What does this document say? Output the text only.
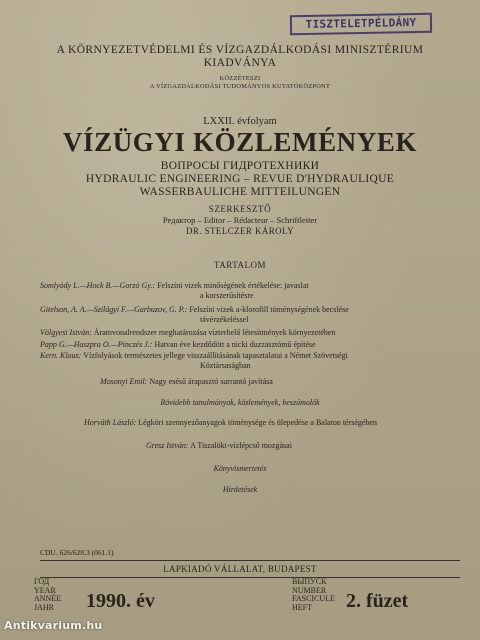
TISZTELETPÉLDÁNY
A KÖRNYEZETVÉDELMI ÉS VÍZGAZDÁLKODÁSI MINISZTÉRIUM
KIADVÁNYA
KÖZZÉTESZI
A VÍZGAZDÁLKODÁSI TUDOMÁNYOS KUTATÓKÖZPONT
LXXII. évfolyam
VÍZÜGYI KÖZLEMÉNYEK
ВОПРОСЫ ГИДРОТЕХНИКИ
HYDRAULIC ENGINEERING – REVUE D'HYDRAULIQUE
WASSERBAULICHE MITTEILUNGEN
SZERKESZTŐ
Редактор – Editor – Rédacteur – Schriftleiter
DR. STELCZER KÁROLY
TARTALOM
Somlyódy L.—Hock B.—Gorzó Gy.: Felszíni vizek minőségének értékelése: javaslat
a korszerűsítésre
Gitelson, A. A.—Szilágyi F.—Garbuzov, G. P.: Felszíni vizek a-klorofill töménységének becslése
távérzékeléssel
Völgyesi István: Áramvonalrendszer meghatározása vízterhelő létesítmények környezetében
Papp G.—Haszpra O.—Pinczés J.: Hatvan éve kezdődött a nicki duzzasztómű építése
Kern. Klaus: Vízfolyások természetes jellege visszaállításának tapasztalatai a Német Szövetségi
Köztársaságban
Mosonyi Emil: Nagy esésű árapasztó surrantó javítása
Rövidebb tanulmányok, közlemények, beszámolók
Horváth László: Légköri szennyezőanyagok töménysége és ülepedése a Balaton térségében
Gresz István: A Tiszalöki-vízlépcső mozgásai
Könyvismertetés
Hirdetések
CDU. 626/628.3 (061.1)
LAPKIADÓ VÁLLALAT, BUDAPEST
ГОД
YEAR
ANNÉE
JAHR	1990. év
ВЫПУСК
NUMBER
FASCICULE
HEFT	2. füzet
Antikvarium.hu
